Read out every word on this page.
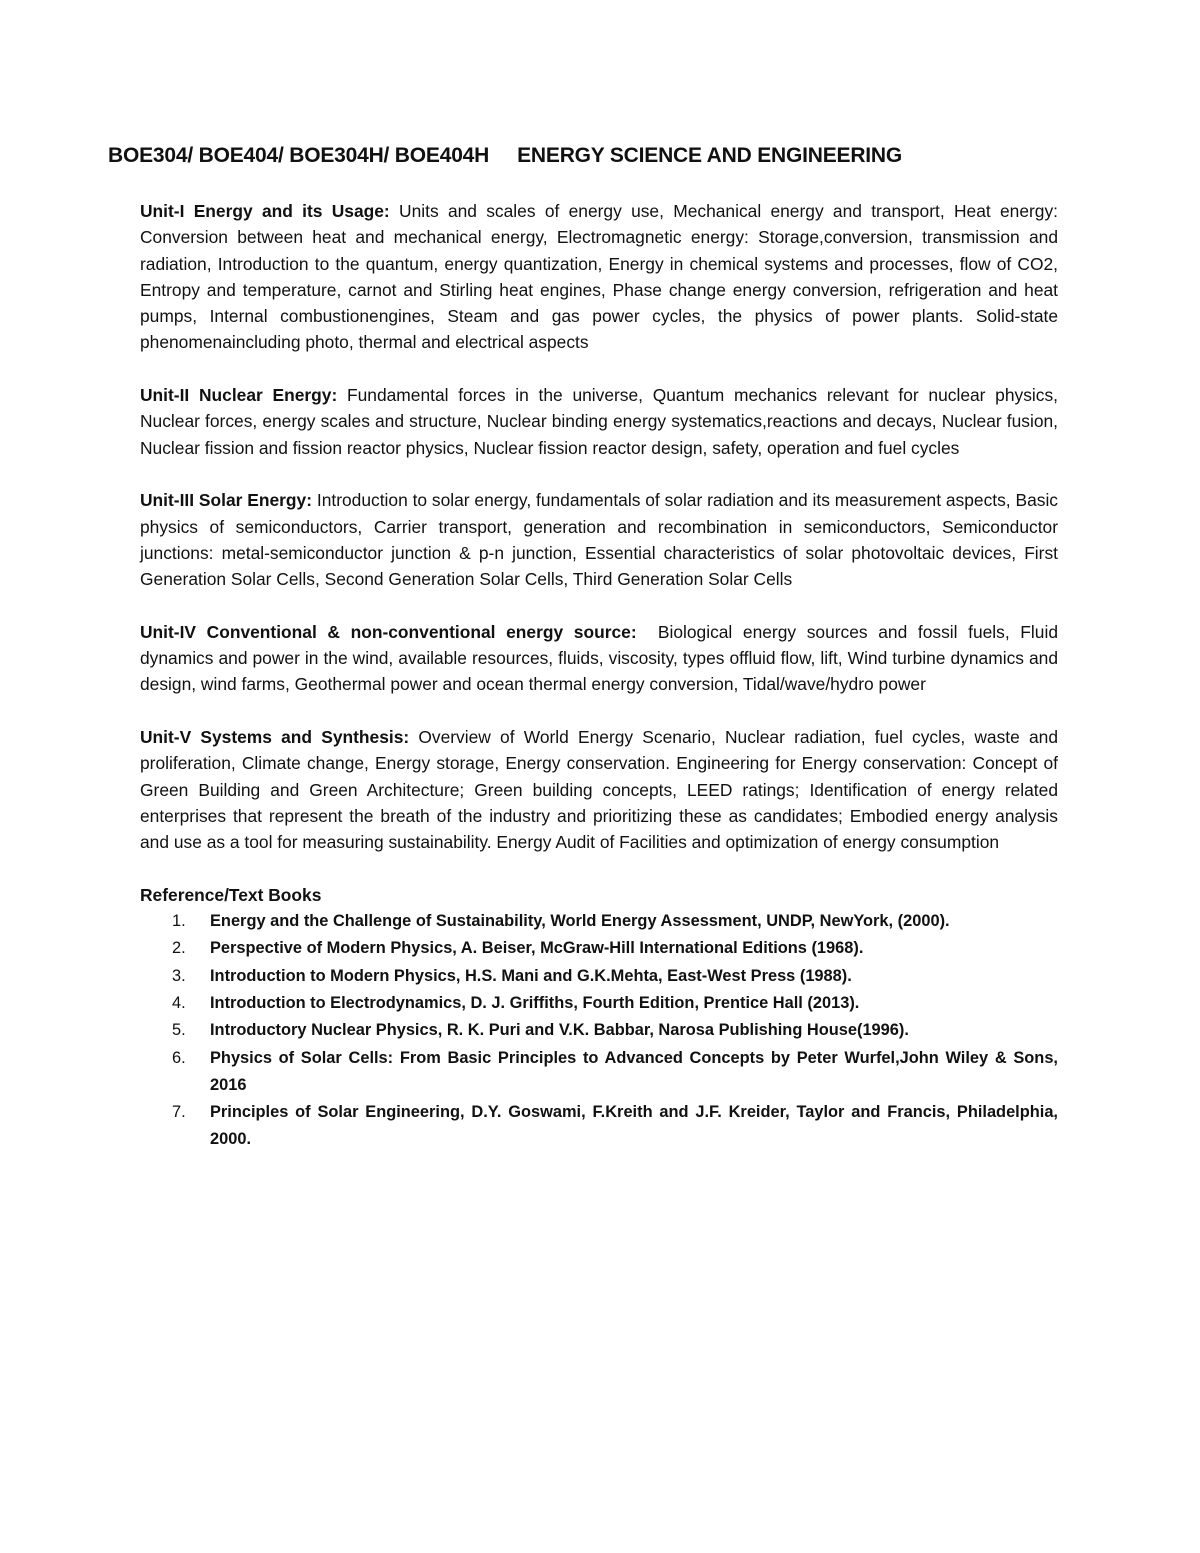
BOE304/ BOE404/ BOE304H/ BOE404H ENERGY SCIENCE AND ENGINEERING

Unit-I Energy and its Usage: Units and scales of energy use, Mechanical energy and transport, Heat energy: Conversion between heat and mechanical energy, Electromagnetic energy: Storage,conversion, transmission and radiation, Introduction to the quantum, energy quantization, Energy in chemical systems and processes, flow of CO2, Entropy and temperature, carnot and Stirling heat engines, Phase change energy conversion, refrigeration and heat pumps, Internal combustionengines, Steam and gas power cycles, the physics of power plants. Solid-state phenomenaincluding photo, thermal and electrical aspects

Unit-II Nuclear Energy: Fundamental forces in the universe, Quantum mechanics relevant for nuclear physics, Nuclear forces, energy scales and structure, Nuclear binding energy systematics,reactions and decays, Nuclear fusion, Nuclear fission and fission reactor physics, Nuclear fission reactor design, safety, operation and fuel cycles

Unit-III Solar Energy: Introduction to solar energy, fundamentals of solar radiation and its measurement aspects, Basic physics of semiconductors, Carrier transport, generation and recombination in semiconductors, Semiconductor junctions: metal-semiconductor junction & p-n junction, Essential characteristics of solar photovoltaic devices, First Generation Solar Cells, Second Generation Solar Cells, Third Generation Solar Cells

Unit-IV Conventional & non-conventional energy source: Biological energy sources and fossil fuels, Fluid dynamics and power in the wind, available resources, fluids, viscosity, types offluid flow, lift, Wind turbine dynamics and design, wind farms, Geothermal power and ocean thermal energy conversion, Tidal/wave/hydro power

Unit-V Systems and Synthesis: Overview of World Energy Scenario, Nuclear radiation, fuel cycles, waste and proliferation, Climate change, Energy storage, Energy conservation. Engineering for Energy conservation: Concept of Green Building and Green Architecture; Green building concepts, LEED ratings; Identification of energy related enterprises that represent the breath of the industry and prioritizing these as candidates; Embodied energy analysis and use as a tool for measuring sustainability. Energy Audit of Facilities and optimization of energy consumption

Reference/Text Books

1. Energy and the Challenge of Sustainability, World Energy Assessment, UNDP, NewYork, (2000).
2. Perspective of Modern Physics, A. Beiser, McGraw-Hill International Editions (1968).
3. Introduction to Modern Physics, H.S. Mani and G.K.Mehta, East-West Press (1988).
4. Introduction to Electrodynamics, D. J. Griffiths, Fourth Edition, Prentice Hall (2013).
5. Introductory Nuclear Physics, R. K. Puri and V.K. Babbar, Narosa Publishing House(1996).
6. Physics of Solar Cells: From Basic Principles to Advanced Concepts by Peter Wurfel,John Wiley & Sons, 2016
7. Principles of Solar Engineering, D.Y. Goswami, F.Kreith and J.F. Kreider, Taylor and Francis, Philadelphia, 2000.
